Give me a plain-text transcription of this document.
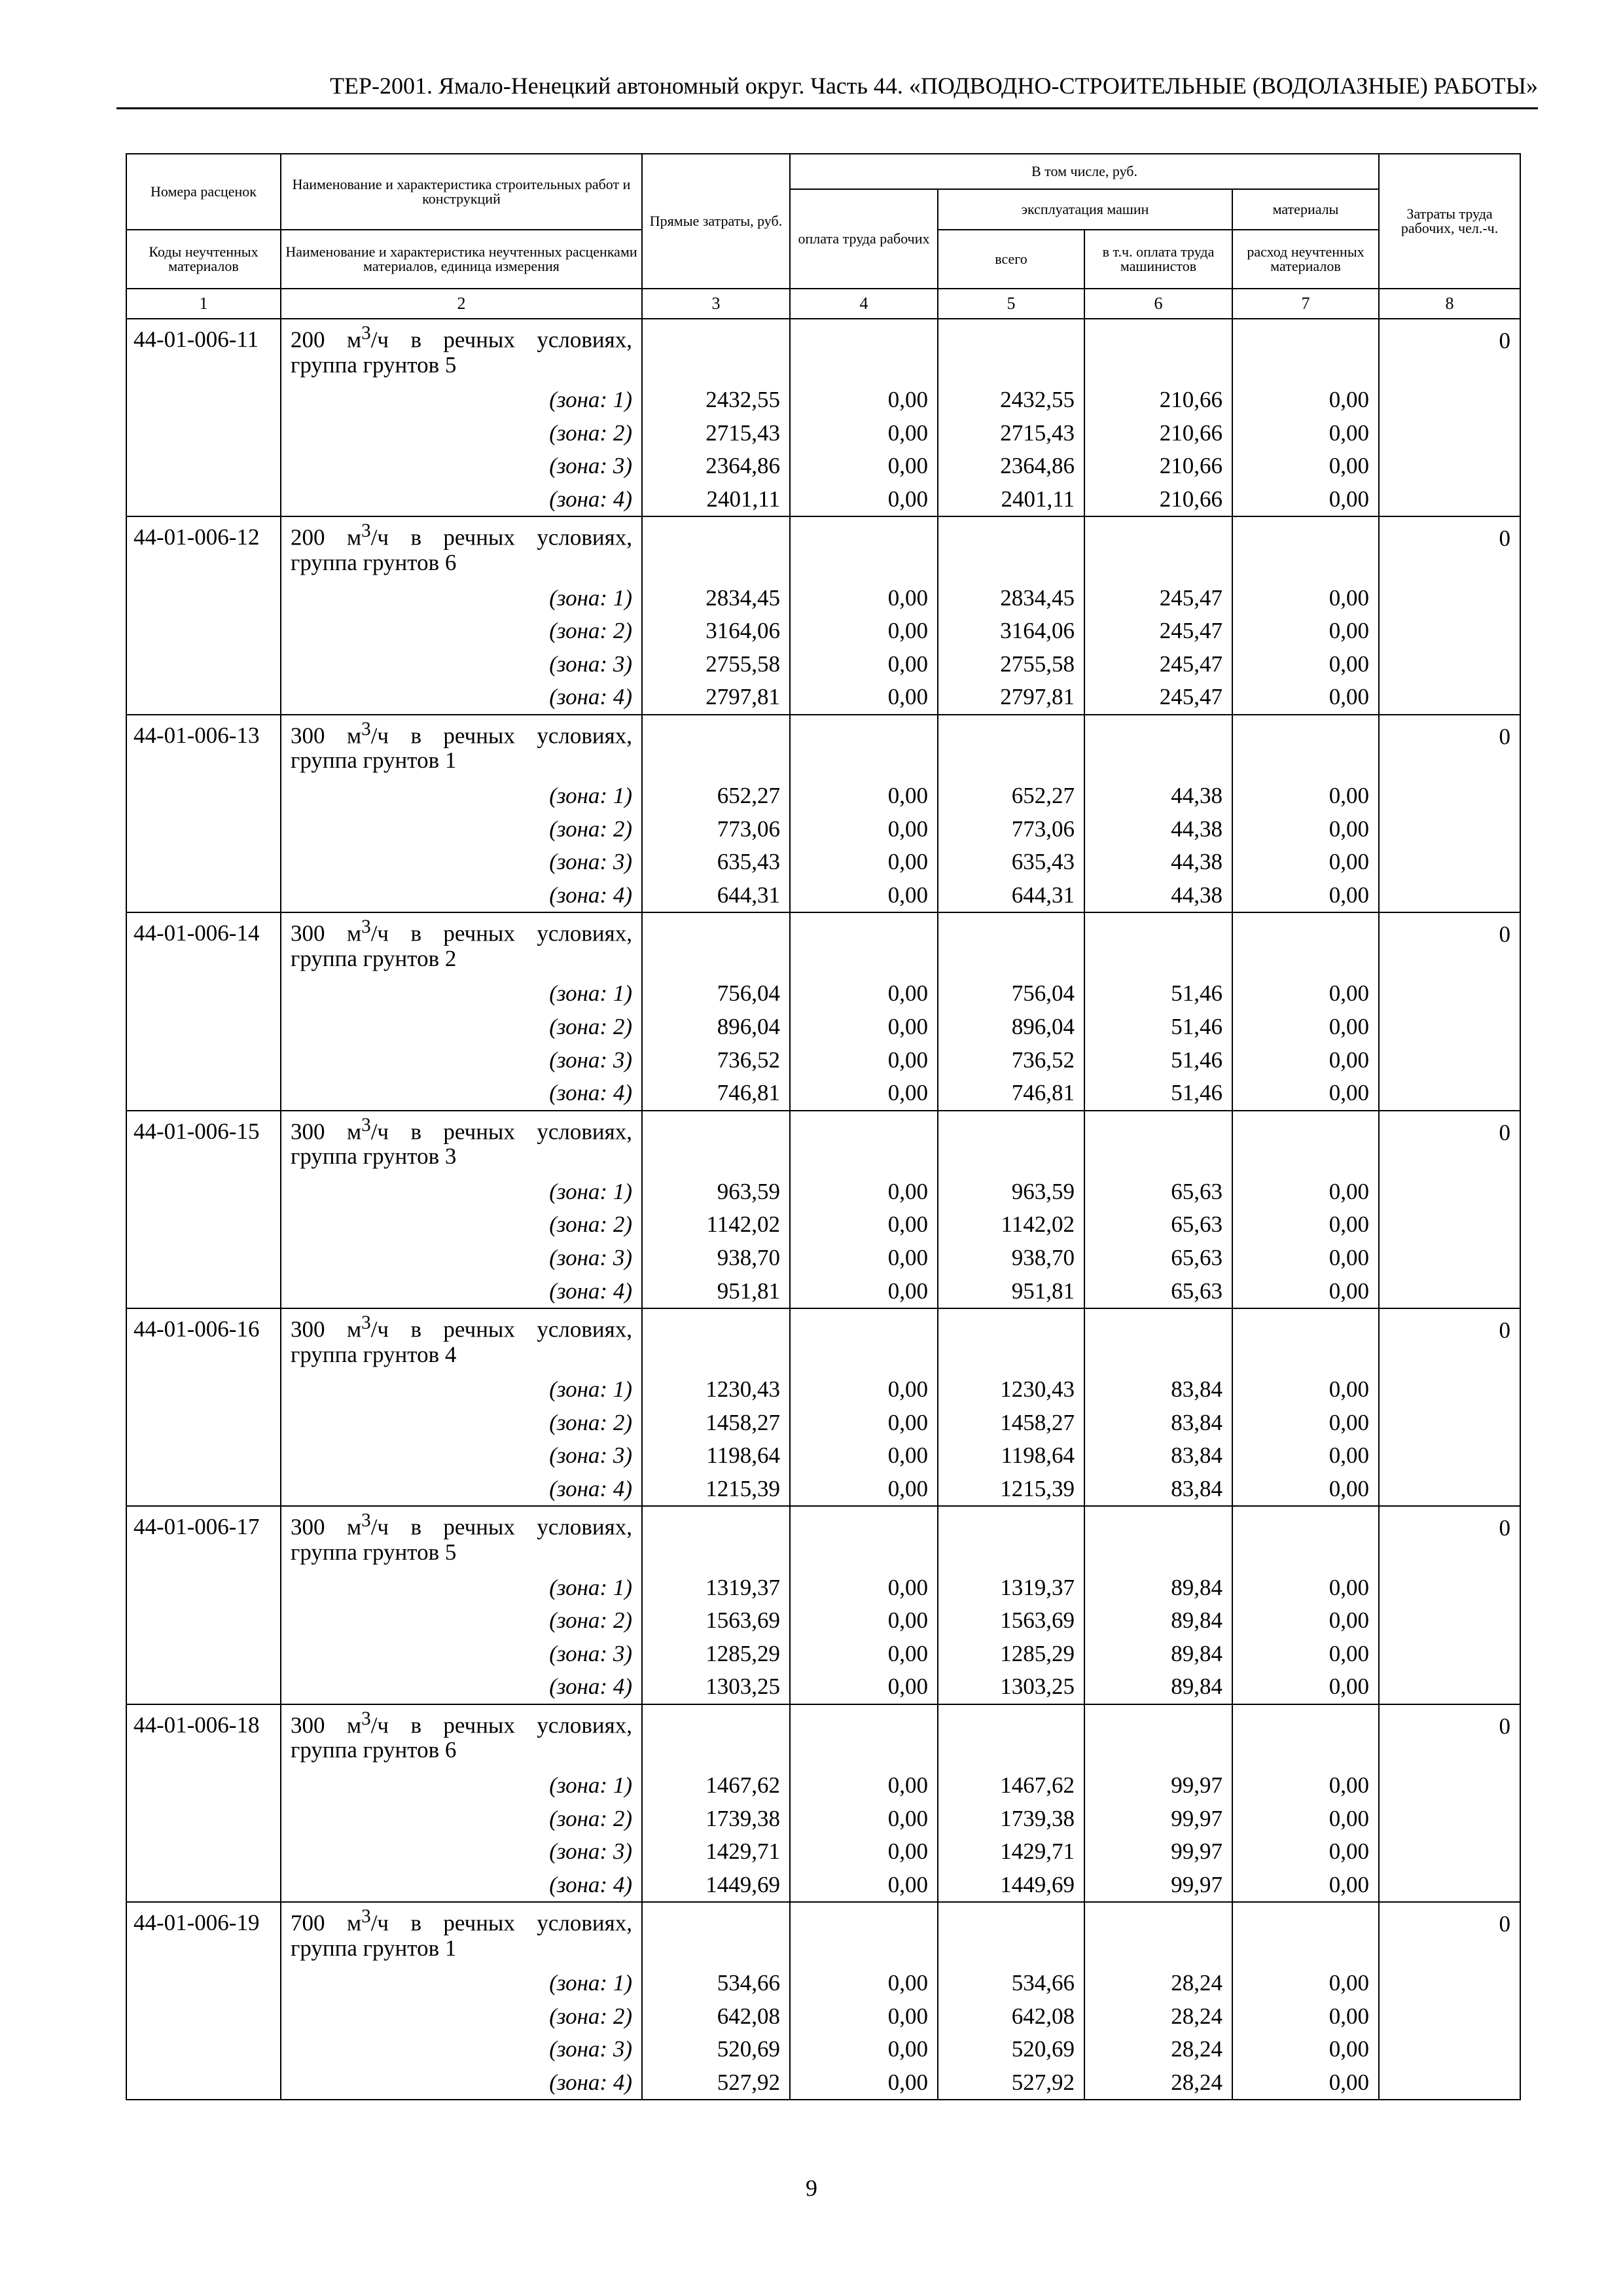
ТЕР-2001. Ямало-Ненецкий автономный округ. Часть 44. «ПОДВОДНО-СТРОИТЕЛЬНЫЕ (ВОДОЛАЗНЫЕ) РАБОТЫ»
Номера расценок	Наименование и характеристика строительных работ и конструкций	Прямые затраты, руб.	В том числе, руб.				Затраты труда рабочих, чел.-ч.
			оплата труда рабочих	эксплуатация машин		материалы	
Коды неучтенных материалов	Наименование и характеристика неучтенных расценками материалов, единица измерения			всего	в т.ч. оплата труда машинистов	расход неучтенных материалов	
1	2	3	4	5	6	7	8
44-01-006-11	200 $м^3/ч$ в речных условиях, группа грунтов 5						0
	(зона: 1)	2432,55	0,00	2432,55	210,66	0,00	
	(зона: 2)	2715,43	0,00	2715,43	210,66	0,00	
	(зона: 3)	2364,86	0,00	2364,86	210,66	0,00	
	(зона: 4)	2401,11	0,00	2401,11	210,66	0,00	
44-01-006-12	200 $м^3/ч$ в речных условиях, группа грунтов 6						0
	(зона: 1)	2834,45	0,00	2834,45	245,47	0,00	
	(зона: 2)	3164,06	0,00	3164,06	245,47	0,00	
	(зона: 3)	2755,58	0,00	2755,58	245,47	0,00	
	(зона: 4)	2797,81	0,00	2797,81	245,47	0,00	
44-01-006-13	300 $м^3/ч$ в речных условиях, группа грунтов 1						0
	(зона: 1)	652,27	0,00	652,27	44,38	0,00	
	(зона: 2)	773,06	0,00	773,06	44,38	0,00	
	(зона: 3)	635,43	0,00	635,43	44,38	0,00	
	(зона: 4)	644,31	0,00	644,31	44,38	0,00	
44-01-006-14	300 $м^3/ч$ в речных условиях, группа грунтов 2						0
	(зона: 1)	756,04	0,00	756,04	51,46	0,00	
	(зона: 2)	896,04	0,00	896,04	51,46	0,00	
	(зона: 3)	736,52	0,00	736,52	51,46	0,00	
	(зона: 4)	746,81	0,00	746,81	51,46	0,00	
44-01-006-15	300 $м^3/ч$ в речных условиях, группа грунтов 3						0
	(зона: 1)	963,59	0,00	963,59	65,63	0,00	
	(зона: 2)	1142,02	0,00	1142,02	65,63	0,00	
	(зона: 3)	938,70	0,00	938,70	65,63	0,00	
	(зона: 4)	951,81	0,00	951,81	65,63	0,00	
44-01-006-16	300 $м^3/ч$ в речных условиях, группа грунтов 4						0
	(зона: 1)	1230,43	0,00	1230,43	83,84	0,00	
	(зона: 2)	1458,27	0,00	1458,27	83,84	0,00	
	(зона: 3)	1198,64	0,00	1198,64	83,84	0,00	
	(зона: 4)	1215,39	0,00	1215,39	83,84	0,00	
44-01-006-17	300 $м^3/ч$ в речных условиях, группа грунтов 5						0
	(зона: 1)	1319,37	0,00	1319,37	89,84	0,00	
	(зона: 2)	1563,69	0,00	1563,69	89,84	0,00	
	(зона: 3)	1285,29	0,00	1285,29	89,84	0,00	
	(зона: 4)	1303,25	0,00	1303,25	89,84	0,00	
44-01-006-18	300 $м^3/ч$ в речных условиях, группа грунтов 6						0
	(зона: 1)	1467,62	0,00	1467,62	99,97	0,00	
	(зона: 2)	1739,38	0,00	1739,38	99,97	0,00	
	(зона: 3)	1429,71	0,00	1429,71	99,97	0,00	
	(зона: 4)	1449,69	0,00	1449,69	99,97	0,00	
44-01-006-19	700 $м^3/ч$ в речных условиях, группа грунтов 1						0
	(зона: 1)	534,66	0,00	534,66	28,24	0,00	
	(зона: 2)	642,08	0,00	642,08	28,24	0,00	
	(зона: 3)	520,69	0,00	520,69	28,24	0,00	
	(зона: 4)	527,92	0,00	527,92	28,24	0,00	
9
